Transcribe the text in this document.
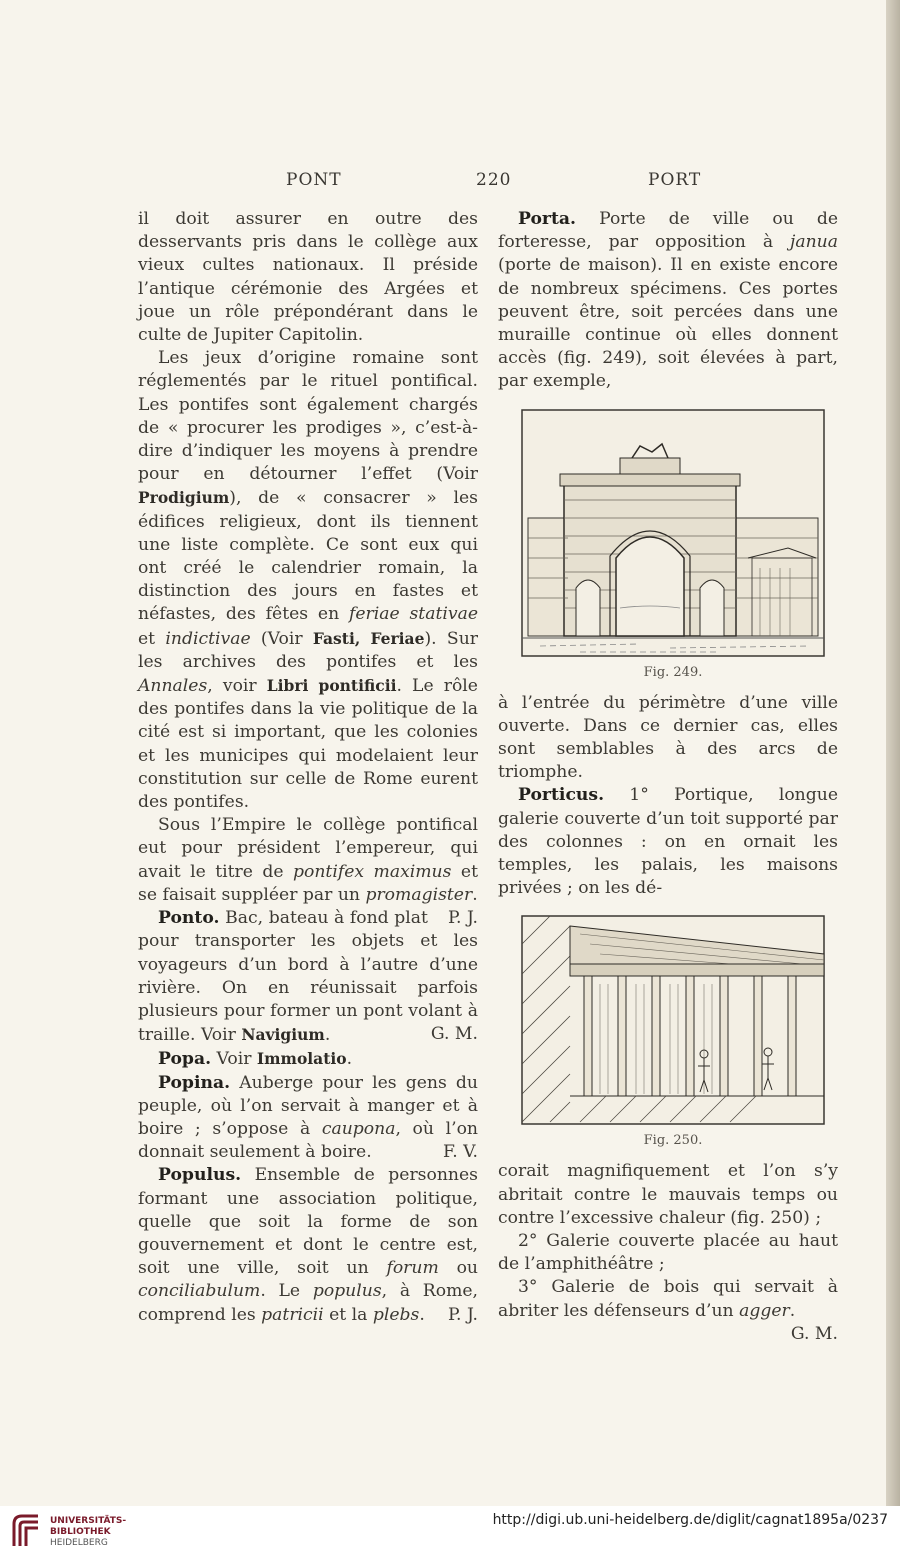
PONT	220	PORT

il doit assurer en outre des desservants pris dans le collège aux vieux cultes nationaux. Il préside l’antique cérémonie des Argées et joue un rôle prépondérant dans le culte de Jupiter Capitolin.

Les jeux d’origine romaine sont réglementés par le rituel pontifical. Les pontifes sont également chargés de « procurer les prodiges », c’est-à-dire d’indiquer les moyens à prendre pour en détourner l’effet (Voir Prodigium), de « consacrer » les édifices religieux, dont ils tiennent une liste complète. Ce sont eux qui ont créé le calendrier romain, la distinction des jours en fastes et néfastes, des fêtes en feriae stativae et indictivae (Voir Fasti, Feriae). Sur les archives des pontifes et les Annales, voir Libri pontificii. Le rôle des pontifes dans la vie politique de la cité est si important, que les colonies et les municipes qui modelaient leur constitution sur celle de Rome eurent des pontifes.

Sous l’Empire le collège pontifical eut pour président l’empereur, qui avait le titre de pontifex maximus et se faisait suppléer par un promagister.
P. J.

Ponto. Bac, bateau à fond plat pour transporter les objets et les voyageurs d’un bord à l’autre d’une rivière. On en réunissait parfois plusieurs pour former un pont volant à traille. Voir Navigium.	G. M.

Popa. Voir Immolatio.

Popina. Auberge pour les gens du peuple, où l’on servait à manger et à boire ; s’oppose à caupona, où l’on donnait seulement à boire.	F. V.

Populus. Ensemble de personnes formant une association politique, quelle que soit la forme de son gouvernement et dont le centre est, soit une ville, soit un forum ou conciliabulum. Le populus, à Rome, comprend les patricii et la plebs.	P. J.

Porta. Porte de ville ou de forteresse, par opposition à janua (porte de maison). Il en existe encore de nombreux spécimens. Ces portes peuvent être, soit percées dans une muraille continue où elles donnent accès (fig. 249), soit élevées à part, par exemple,

Fig. 249.

à l’entrée du périmètre d’une ville ouverte. Dans ce dernier cas, elles sont semblables à des arcs de triomphe.

Porticus. 1° Portique, longue galerie couverte d’un toit supporté par des colonnes : on en ornait les temples, les palais, les maisons privées ; on les dé-

Fig. 250.

corait magnifiquement et l’on s’y abritait contre le mauvais temps ou contre l’excessive chaleur (fig. 250) ;

2° Galerie couverte placée au haut de l’amphithéâtre ;

3° Galerie de bois qui servait à abriter les défenseurs d’un agger.
G. M.

UNIVERSITÄTS-
BIBLIOTHEK
HEIDELBERG
http://digi.ub.uni-heidelberg.de/diglit/cagnat1895a/0237
